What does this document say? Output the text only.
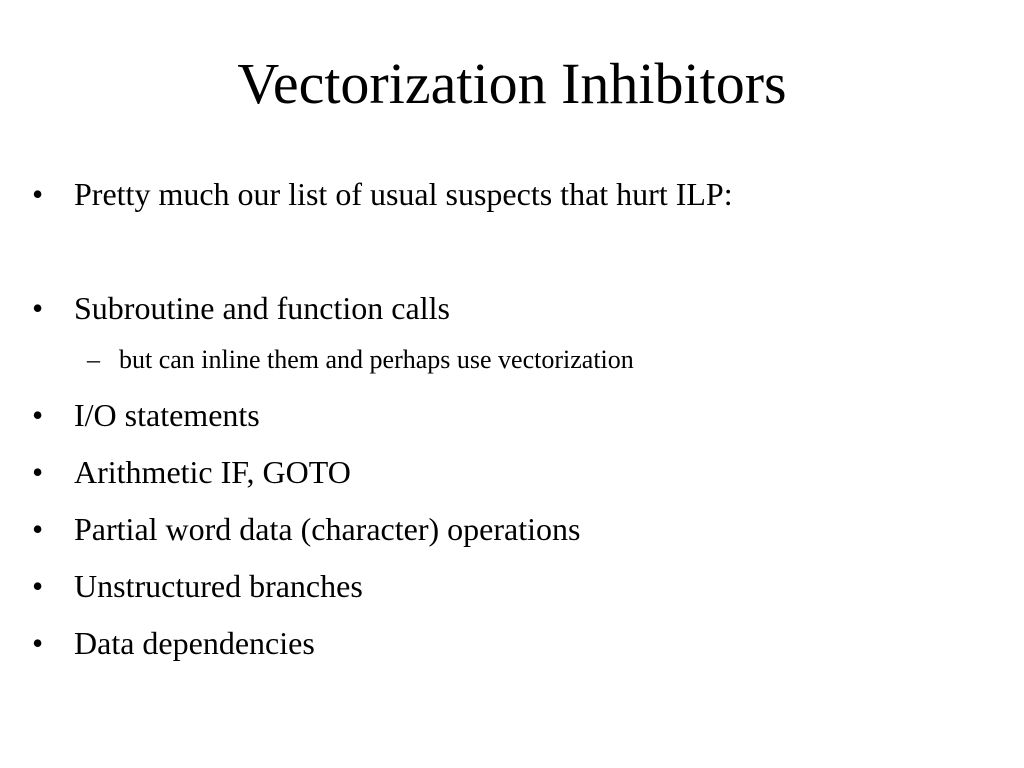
Vectorization Inhibitors
• Pretty much our list of usual suspects that hurt ILP:
• Subroutine and function calls
– but can inline them and perhaps use vectorization
• I/O statements
• Arithmetic IF, GOTO
• Partial word data (character) operations
• Unstructured branches
• Data dependencies
